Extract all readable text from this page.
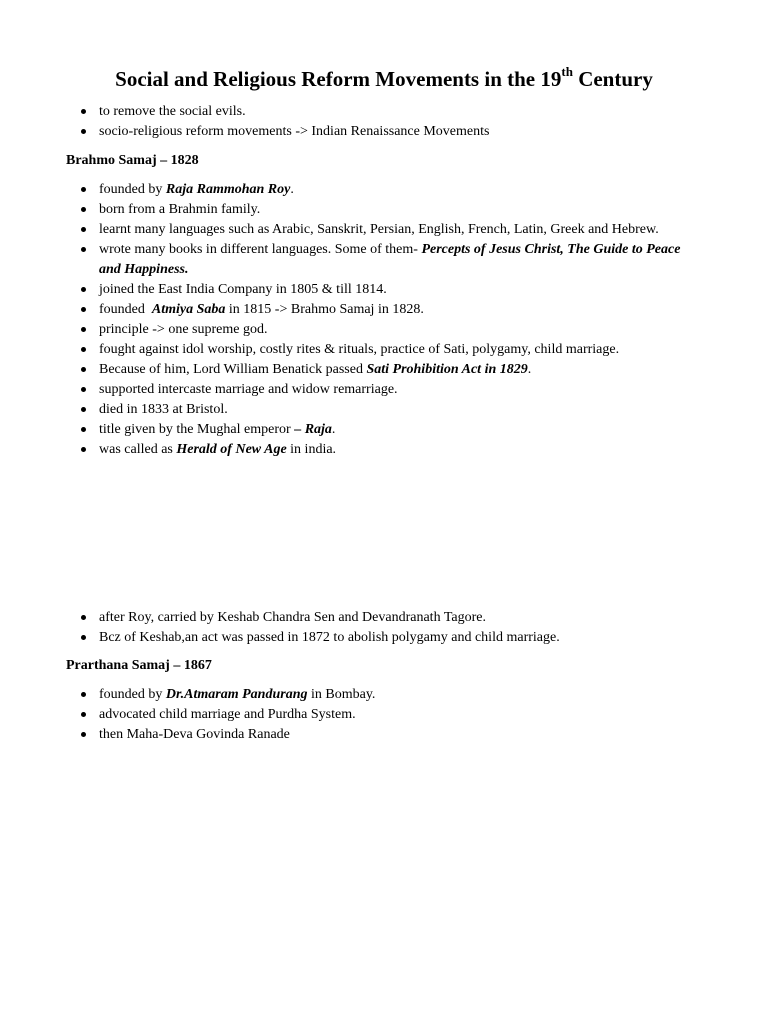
Social and Religious Reform Movements in the 19th Century
to remove the social evils.
socio-religious reform movements -> Indian Renaissance Movements
Brahmo Samaj – 1828
founded by Raja Rammohan Roy.
born from a Brahmin family.
learnt many languages such as Arabic, Sanskrit, Persian, English, French, Latin, Greek and Hebrew.
wrote many books in different languages. Some of them- Percepts of Jesus Christ, The Guide to Peace and Happiness.
joined the East India Company in 1805 & till 1814.
founded  Atmiya Saba in 1815 -> Brahmo Samaj in 1828.
principle -> one supreme god.
fought against idol worship, costly rites & rituals, practice of Sati, polygamy, child marriage.
Because of him, Lord William Benatick passed Sati Prohibition Act in 1829.
supported intercaste marriage and widow remarriage.
died in 1833 at Bristol.
title given by the Mughal emperor – Raja.
was called as Herald of New Age in india.
after Roy, carried by Keshab Chandra Sen and Devandranath Tagore.
Bcz of Keshab,an act was passed in 1872 to abolish polygamy and child marriage.
Prarthana Samaj – 1867
founded by Dr.Atmaram Pandurang in Bombay.
advocated child marriage and Purdha System.
then Maha-Deva Govinda Ranade
